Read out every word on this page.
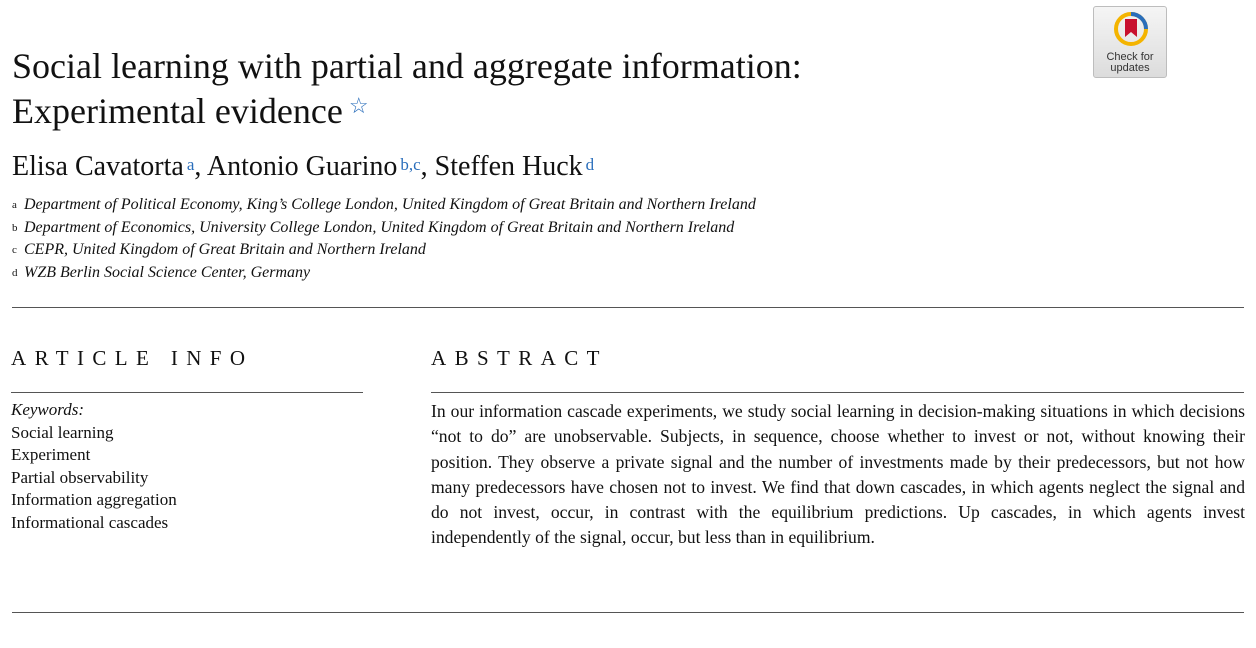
Check for
updates
Social learning with partial and aggregate information:
Experimental evidence ☆
Elisa Cavatorta $^a$, Antonio Guarino $^{b,c}$, Steffen Huck $^d$
a Department of Political Economy, King’s College London, United Kingdom of Great Britain and Northern Ireland
b Department of Economics, University College London, United Kingdom of Great Britain and Northern Ireland
c CEPR, United Kingdom of Great Britain and Northern Ireland
d WZB Berlin Social Science Center, Germany
ARTICLE INFO	ABSTRACT
Keywords:
Social learning
Experiment
Partial observability
Information aggregation
Informational cascades
In our information cascade experiments, we study social learning in decision-making situations in which decisions “not to do” are unobservable. Subjects, in sequence, choose whether to invest or not, without knowing their position. They observe a private signal and the number of investments made by their predecessors, but not how many predecessors have chosen not to invest. We find that down cascades, in which agents neglect the signal and do not invest, occur, in contrast with the equilibrium predictions. Up cascades, in which agents invest independently of the signal, occur, but less than in equilibrium.
